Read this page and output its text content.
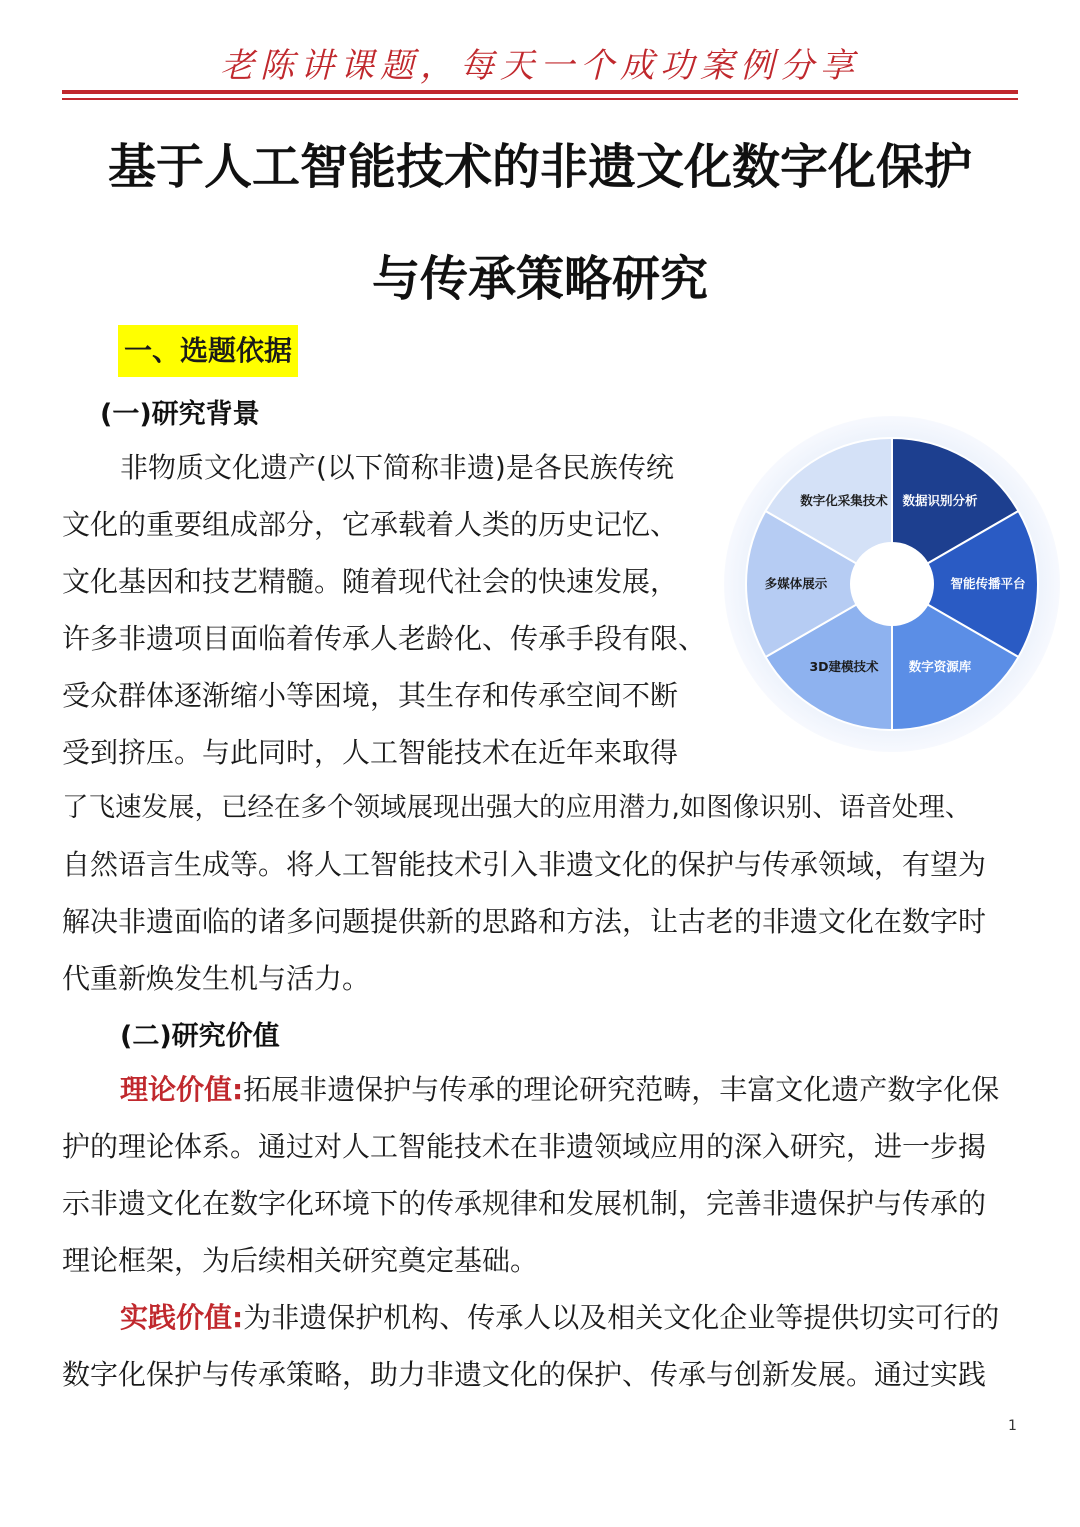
老陈讲课题，每天一个成功案例分享
基于人工智能技术的非遗文化数字化保护
与传承策略研究
一、选题依据
(一)研究背景
非物质文化遗产(以下简称非遗)是各民族传统
文化的重要组成部分，它承载着人类的历史记忆、
文化基因和技艺精髓。随着现代社会的快速发展，
许多非遗项目面临着传承人老龄化、传承手段有限、
受众群体逐渐缩小等困境，其生存和传承空间不断
受到挤压。与此同时，人工智能技术在近年来取得
了飞速发展，已经在多个领域展现出强大的应用潜力,如图像识别、语音处理、
自然语言生成等。将人工智能技术引入非遗文化的保护与传承领域，有望为
解决非遗面临的诸多问题提供新的思路和方法，让古老的非遗文化在数字时
代重新焕发生机与活力。
数据识别分析
智能传播平台
数字资源库
3D建模技术
多媒体展示
数字化采集技术
(二)研究价值
理论价值:拓展非遗保护与传承的理论研究范畴，丰富文化遗产数字化保
护的理论体系。通过对人工智能技术在非遗领域应用的深入研究，进一步揭
示非遗文化在数字化环境下的传承规律和发展机制，完善非遗保护与传承的
理论框架，为后续相关研究奠定基础。
实践价值:为非遗保护机构、传承人以及相关文化企业等提供切实可行的
数字化保护与传承策略，助力非遗文化的保护、传承与创新发展。通过实践
1
